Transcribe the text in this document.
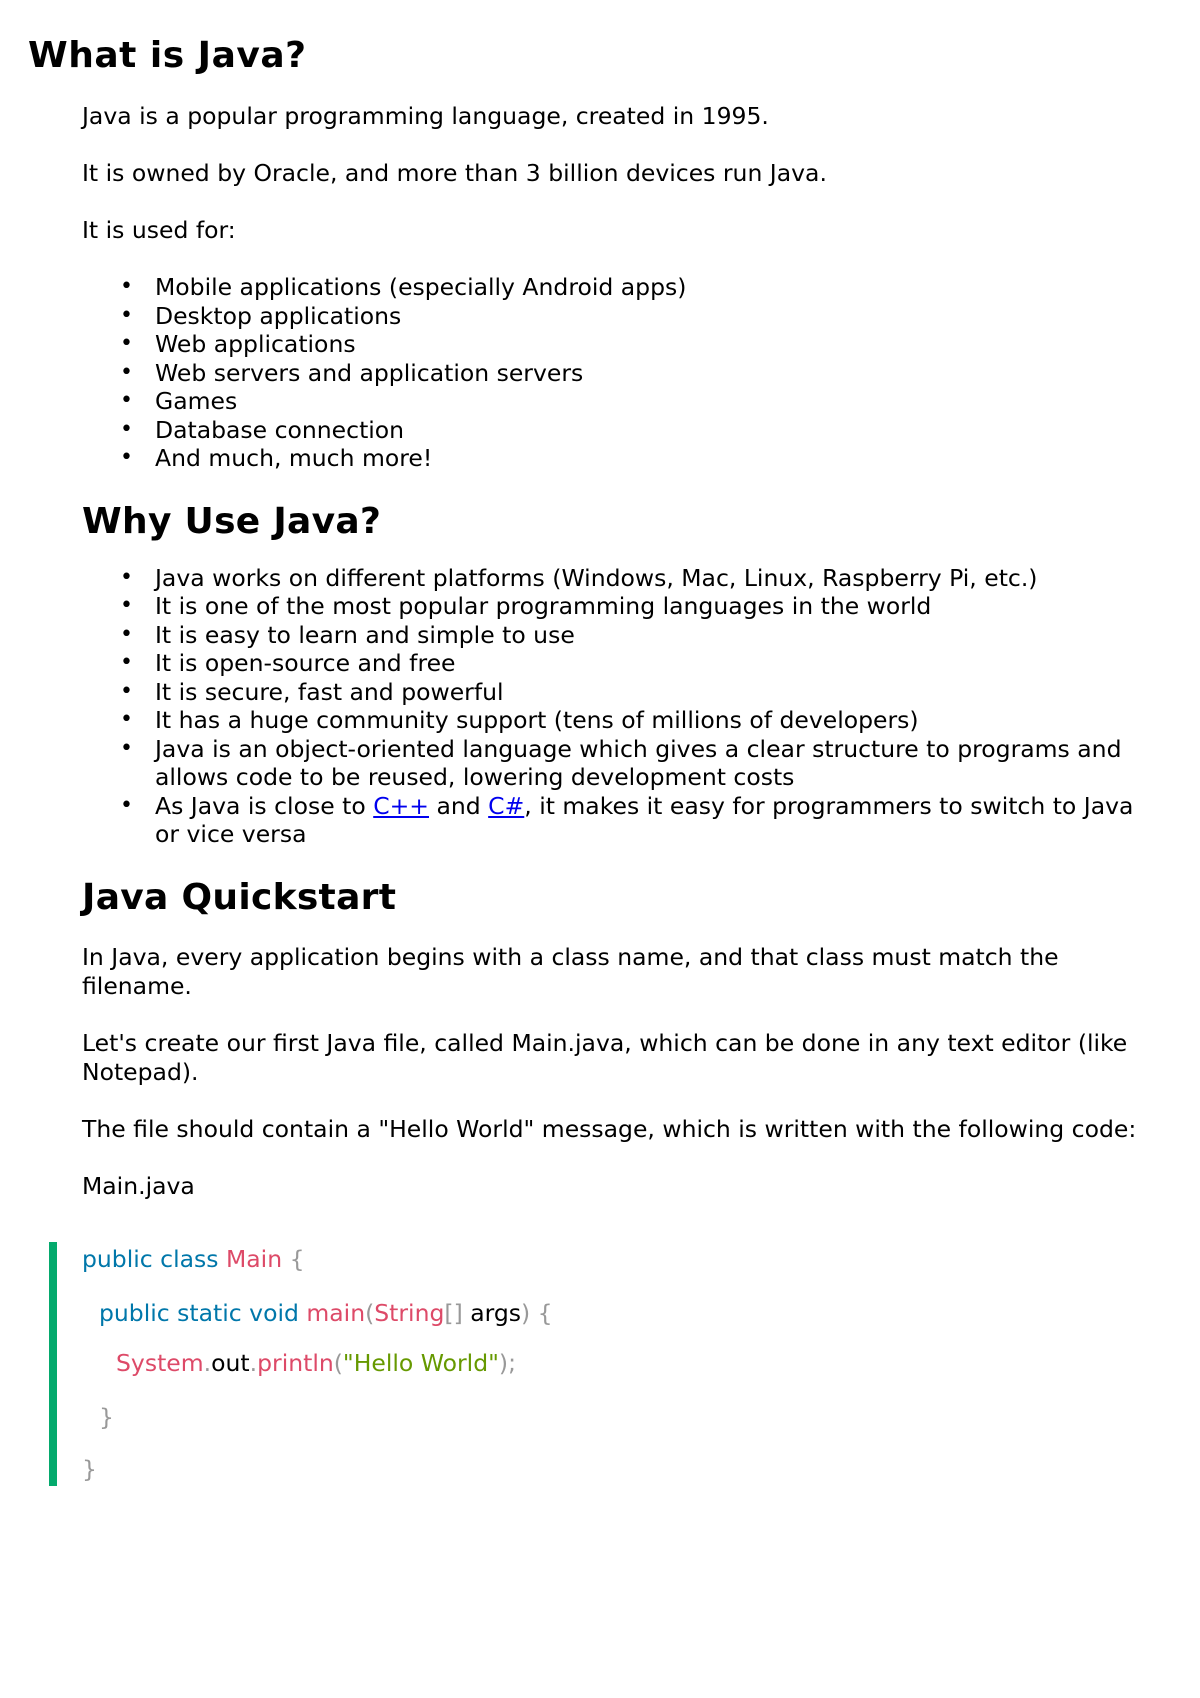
What is Java?

Java is a popular programming language, created in 1995.

It is owned by Oracle, and more than 3 billion devices run Java.

It is used for:

• Mobile applications (especially Android apps)
• Desktop applications
• Web applications
• Web servers and application servers
• Games
• Database connection
• And much, much more!
Why Use Java?
• Java works on different platforms (Windows, Mac, Linux, Raspberry Pi, etc.)
• It is one of the most popular programming languages in the world
• It is easy to learn and simple to use
• It is open-source and free
• It is secure, fast and powerful
• It has a huge community support (tens of millions of developers)
• Java is an object-oriented language which gives a clear structure to programs and allows code to be reused, lowering development costs
• As Java is close to C++ and C#, it makes it easy for programmers to switch to Java or vice versa
Java Quickstart

In Java, every application begins with a class name, and that class must match the filename.

Let's create our first Java file, called Main.java, which can be done in any text editor (like Notepad).

The file should contain a "Hello World" message, which is written with the following code:

Main.java

public class Main {
public static void main(String[] args) {
System.out.println("Hello World");
}
}
